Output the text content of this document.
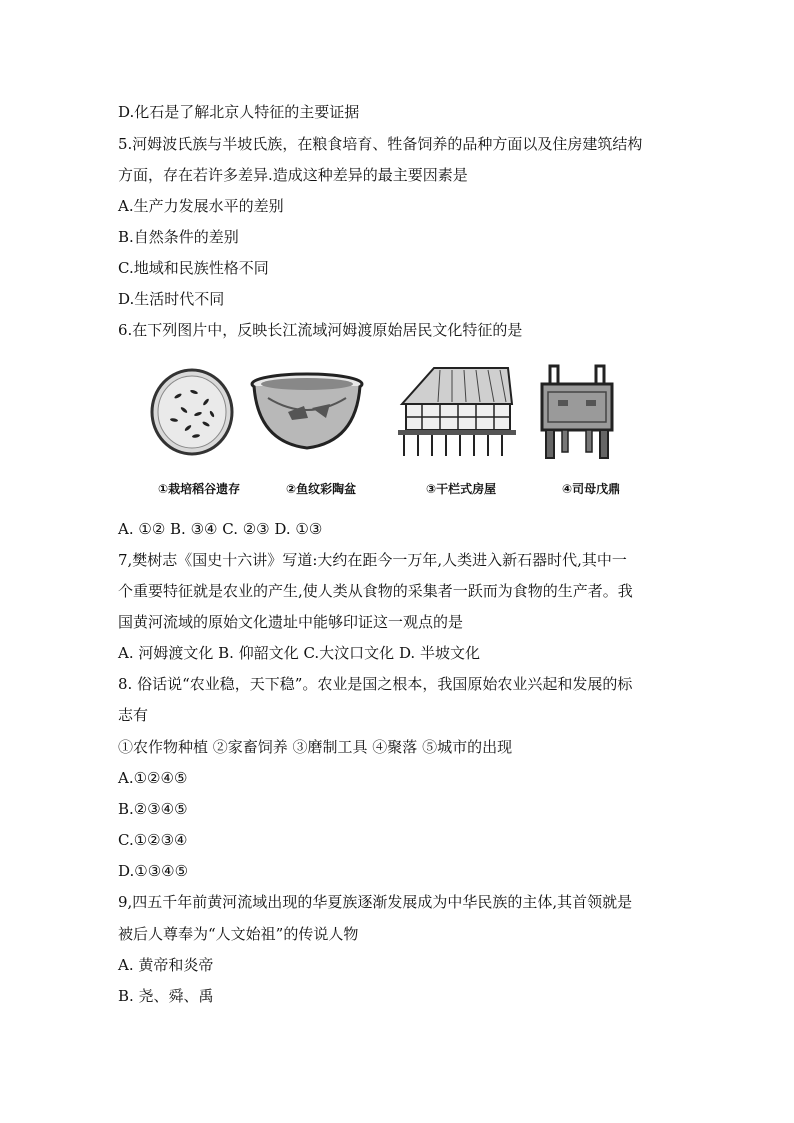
D.化石是了解北京人特征的主要证据
5.河姆波氏族与半坡氏族，在粮食培育、牲备饲养的品种方面以及住房建筑结构
方面，存在若许多差异.造成这种差异的最主要因素是
A.生产力发展水平的差别
B.自然条件的差别
C.地域和民族性格不同
D.生活时代不同
6.在下列图片中，反映长江流域河姆渡原始居民文化特征的是
①栽培稻谷遗存	②鱼纹彩陶盆	③干栏式房屋	④司母戊鼎
A. ①② B. ③④ C. ②③ D. ①③
7,樊树志《国史十六讲》写道:大约在距今一万年,人类进入新石器时代,其中一
个重要特征就是农业的产生,使人类从食物的采集者一跃而为食物的生产者。我
国黄河流域的原始文化遗址中能够印证这一观点的是
A. 河姆渡文化 B. 仰韶文化 C.大汶口文化 D. 半坡文化
8. 俗话说“农业稳，天下稳”。农业是国之根本，我国原始农业兴起和发展的标
志有
①农作物种植 ②家畜饲养 ③磨制工具 ④聚落 ⑤城市的出现
A.①②④⑤
B.②③④⑤
C.①②③④
D.①③④⑤
9,四五千年前黄河流域出现的华夏族逐渐发展成为中华民族的主体,其首领就是
被后人尊奉为“人文始祖”的传说人物
A. 黄帝和炎帝
B. 尧、舜、禹
